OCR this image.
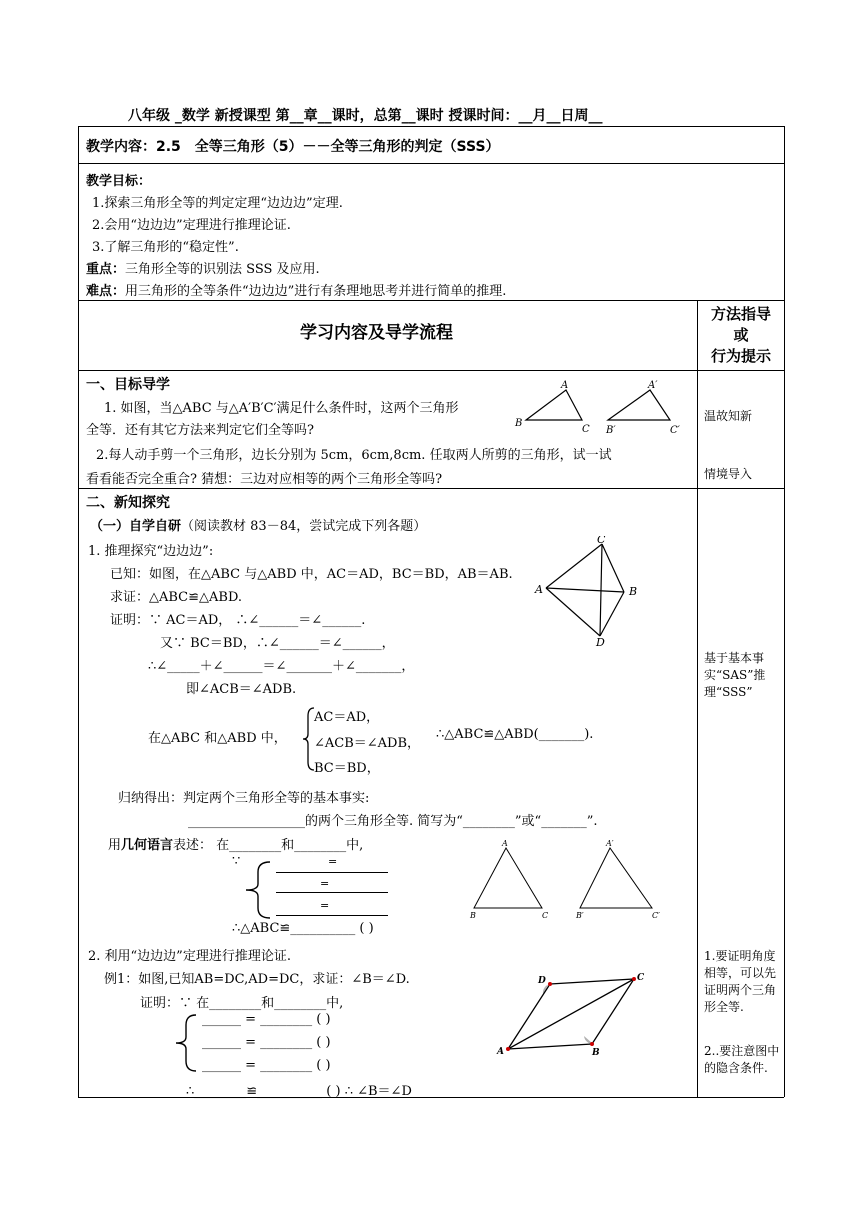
八年级 _数学 新授课型 第__章__课时，总第__课时 授课时间：__月__日周__
教学内容：2.5　全等三角形（5）－－全等三角形的判定（SSS）
教学目标：
1.探索三角形全等的判定定理“边边边”定理.
2.会用“边边边”定理进行推理论证.
3.了解三角形的“稳定性”.
重点：三角形全等的识别法 SSS 及应用.
难点：用三角形的全等条件“边边边”进行有条理地思考并进行简单的推理.
学习内容及导学流程
方法指导
或
行为提示
一、目标导学
1. 如图，当△ABC 与△A′B′C′满足什么条件时，这两个三角形
全等．还有其它方法来判定它们全等吗?
2.每人动手剪一个三角形，边长分别为 5cm，6cm,8cm. 任取两人所剪的三角形，试一试
看看能否完全重合? 猜想：三边对应相等的两个三角形全等吗?
A
B
C
A′
B′	C′
温故知新
情境导入
二、新知探究
（一）自学自研（阅读教材 83－84，尝试完成下列各题）
1. 推理探究“边边边”:
已知：如图，在△ABC 与△ABD 中，AC＝AD，BC＝BD，AB＝AB.
求证：△ABC≌△ABD.
证明：∵ AC＝AD， ∴∠______＝∠______.
又∵ BC＝BD，∴∠______＝∠______，
∴∠_____＋∠______＝∠_______＋∠_______，
即∠ACB＝∠ADB.
C
A	B
D
在△ABC 和△ABD 中，
AC＝AD，
∠ACB＝∠ADB，
BC＝BD，
∴△ABC≌△ABD(_______).
归纳得出：判定两个三角形全等的基本事实:
__________________的两个三角形全等. 简写为“________”或“_______”.
用几何语言表述： 在________和________中,
∵	=
=
=
∴△ABC≌__________ ( )
A
B	C
A′
B′	C′
基于基本事实“SAS”推理“SSS”
2. 利用“边边边”定理进行推理论证.
例1：如图,已知AB=DC,AD=DC，求证：∠B＝∠D.
证明：∵ 在________和________中,
______ = ________ ( )
______ = ________ ( )
______ = ________ ( )
∴________≌__________ ( ) ∴ ∠B＝∠D
D	C
A	B
1.要证明角度相等，可以先证明两个三角形全等.
2..要注意图中的隐含条件.
